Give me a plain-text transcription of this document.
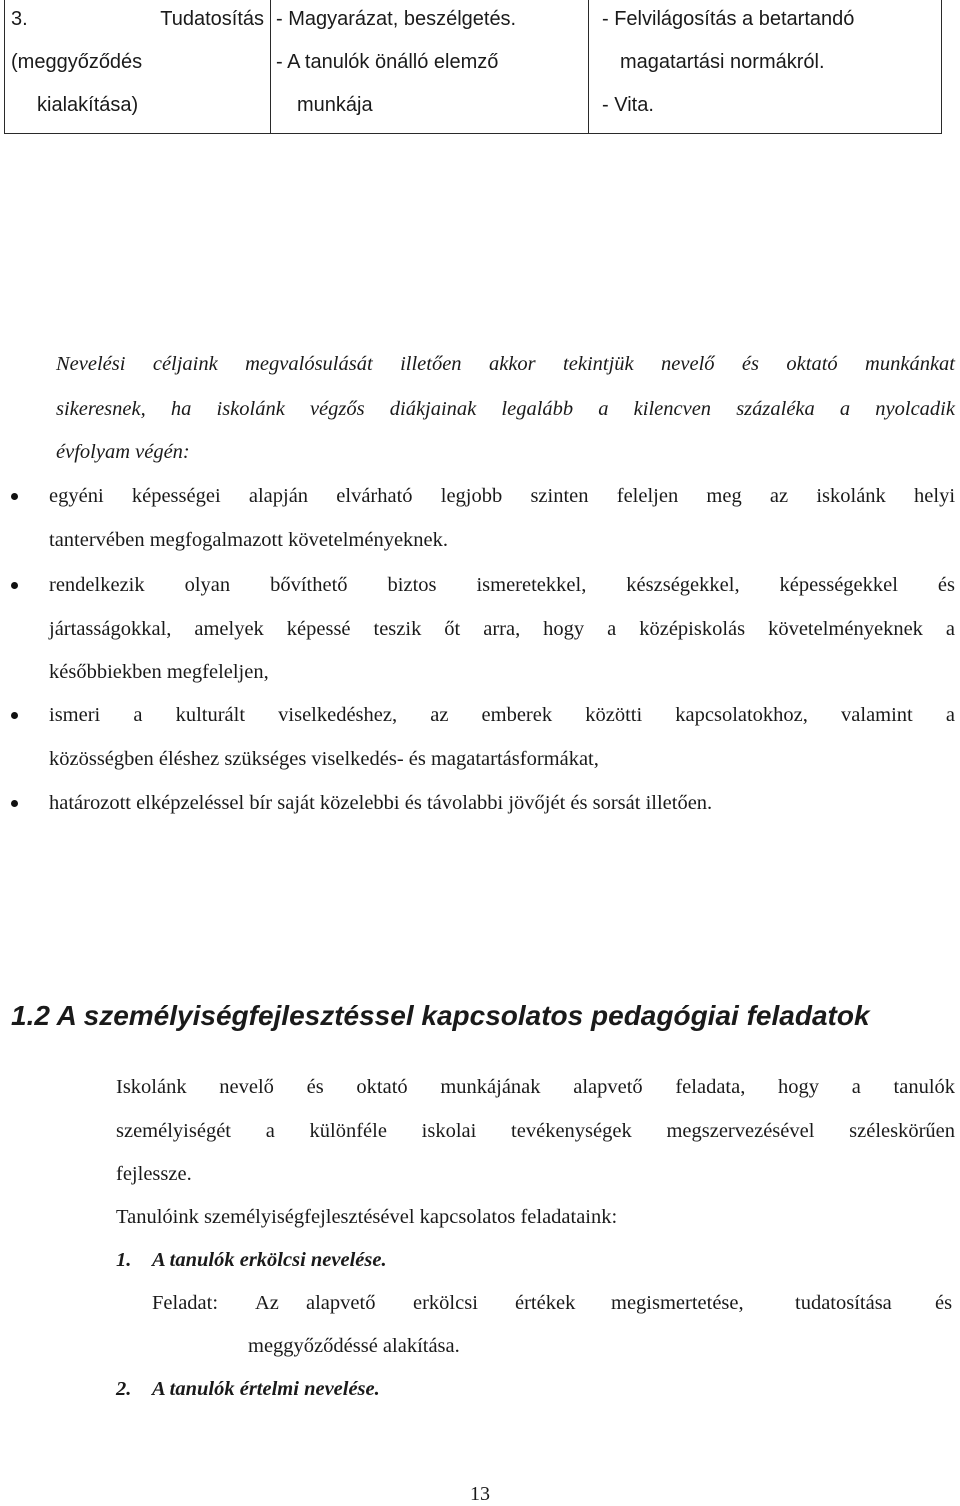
3.	Tudatosítás
(meggyőződés
kialakítása)

- Magyarázat, beszélgetés.
- A tanulók önálló elemző
munkája

- Felvilágosítás a betartandó
magatartási normákról.
- Vita.
Nevelési céljaink megvalósulását illetően akkor tekintjük nevelő és oktató munkánkat
sikeresnek, ha iskolánk végzős diákjainak legalább a kilencven százaléka a nyolcadik
évfolyam végén:
egyéni képességei alapján elvárható legjobb szinten feleljen meg az iskolánk helyi
tantervében megfogalmazott követelményeknek.
rendelkezik olyan bővíthető biztos ismeretekkel, készségekkel, képességekkel és
jártasságokkal, amelyek képessé teszik őt arra, hogy a középiskolás követelményeknek a
későbbiekben megfeleljen,
ismeri a kulturált viselkedéshez, az emberek közötti kapcsolatokhoz, valamint a
közösségben éléshez szükséges viselkedés- és magatartásformákat,
határozott elképzeléssel bír saját közelebbi és távolabbi jövőjét és sorsát illetően.
1.2 A személyiségfejlesztéssel kapcsolatos pedagógiai feladatok
Iskolánk nevelő és oktató munkájának alapvető feladata, hogy a tanulók
személyiségét a különféle iskolai tevékenységek megszervezésével széleskörűen
fejlessze.
Tanulóink személyiségfejlesztésével kapcsolatos feladataink:
1. A tanulók erkölcsi nevelése.
Feladat: Az alapvető erkölcsi értékek megismertetése,	tudatosítása és
meggyőződéssé alakítása.
2. A tanulók értelmi nevelése.
13
